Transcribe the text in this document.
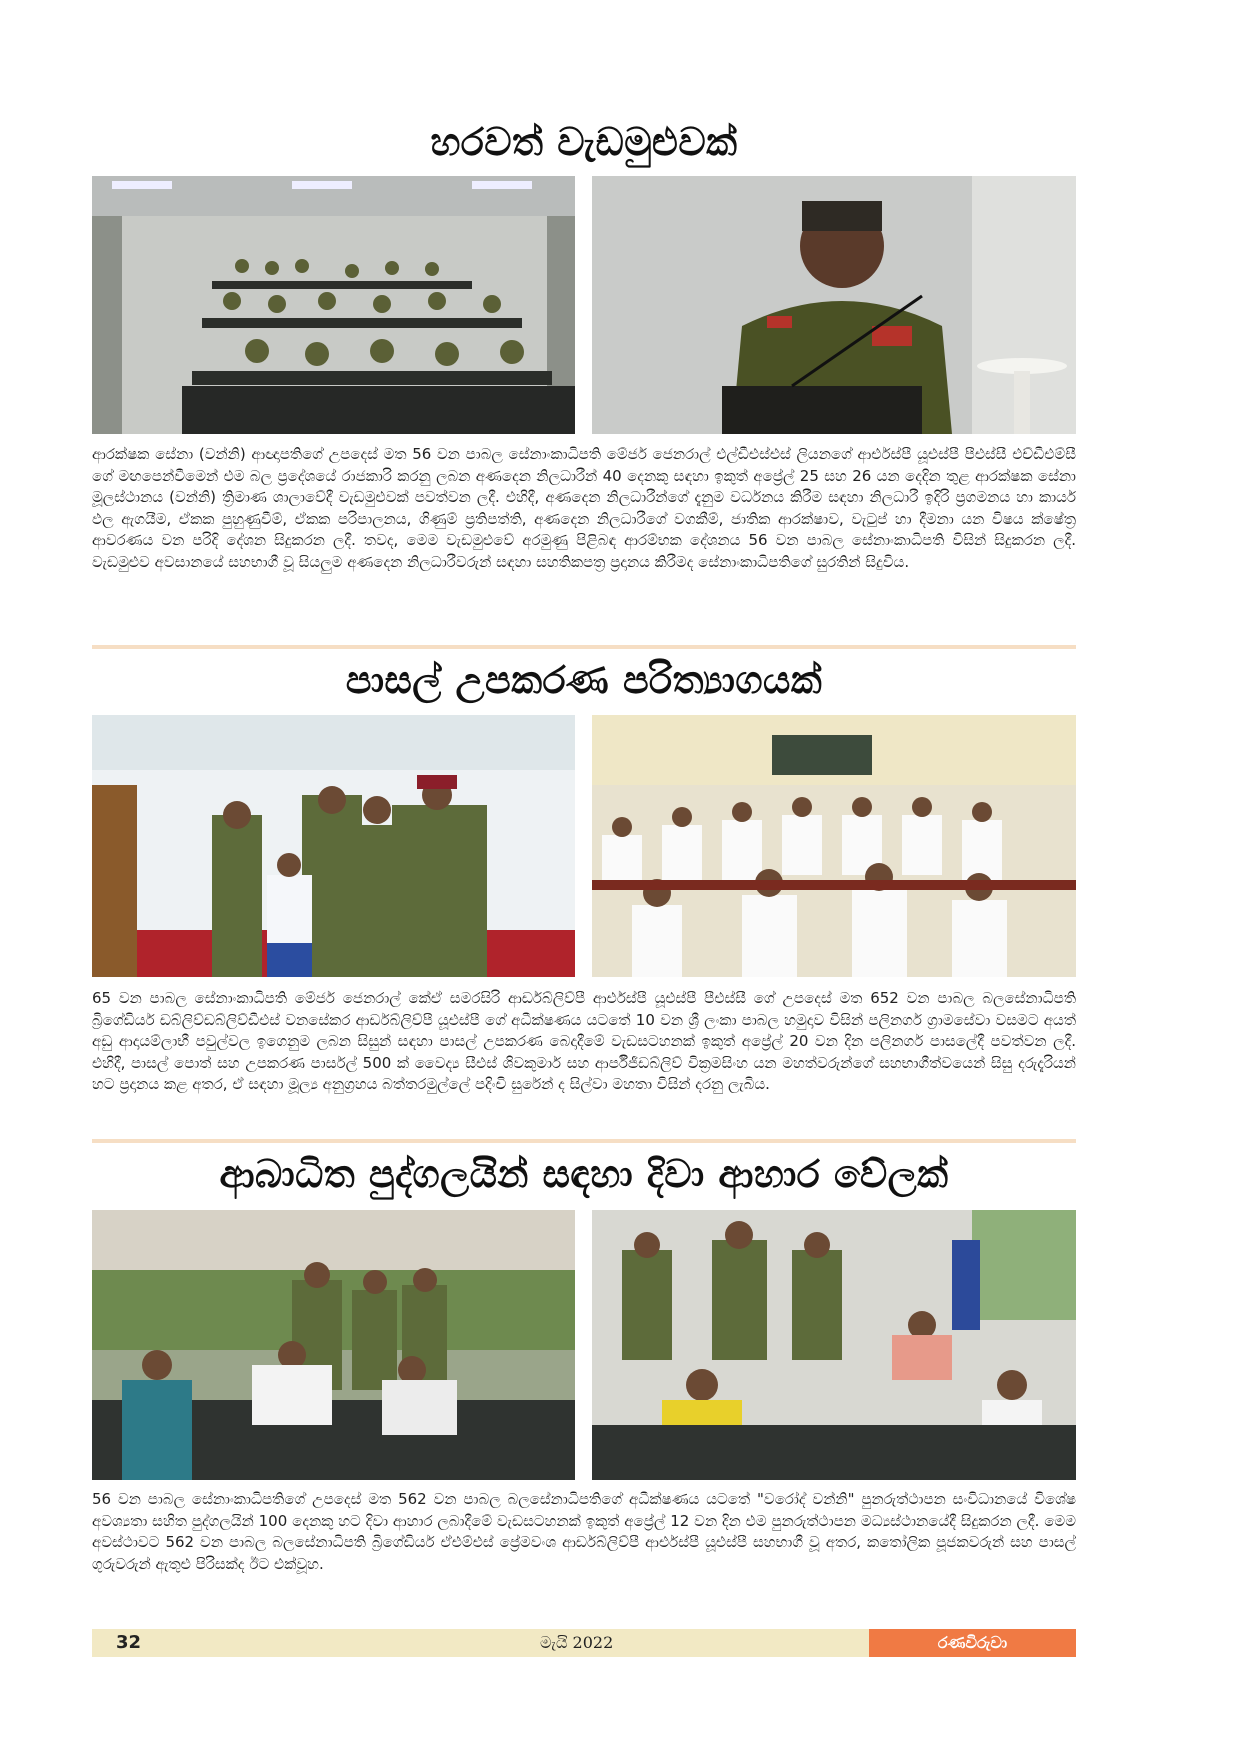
හරවත් වැඩමුළුවක්
ආරක්ෂක සේනා (වන්නි) ආඥාපතිගේ උපදෙස් මත 56 වන පාබල සේනාංකාධිපති මේජර් ජෙනරාල් එල්ඩීඑස්එස් ලියනගේ ආර්එස්පී යූඑස්පී පීඑස්සී එච්ඩීඑම්සී ගේ මඟපෙන්වීමෙන් එම බල ප්‍රදේශයේ රාජකාරි කරනු ලබන අණදෙන නිලධාරීන් 40 දෙනකු සඳහා ඉකුත් අප්‍රේල් 25 සහ 26 යන දෙදින තුළ ආරක්ෂක සේනා මූලස්ථානය (වන්නි) ත්‍රිමාණ ශාලාවේදී වැඩමුළුවක් පවත්වන ලදී. එහිදී, අණදෙන නිලධාරීන්ගේ දැනුම වර්ධනය කිරීම සඳහා නිලධාරී ඉදිරි ප්‍රගමනය හා කාර්ය ඵල ඇගයීම, ඒකක පුහුණුවීම්, ඒකක පරිපාලනය, ගිණුම් ප්‍රතිපත්ති, අණදෙන නිලධාරීගේ වගකීම්, ජාතික ආරක්ෂාව, වැටුප් හා දීමනා යන විෂය ක්ෂේත්‍ර ආවරණය වන පරිදි දේශන සිදුකරන ලදී. තවද, මෙම වැඩමුළුවේ අරමුණු පිළිබඳ ආරම්භක දේශනය 56 වන පාබල සේනාංකාධිපති විසින් සිදුකරන ලදී. වැඩමුළුව අවසානයේ සහභාගී වූ සියලුම අණදෙන නිලධාරීවරුන් සඳහා සහතිකපත්‍ර ප්‍රදානය කිරීමද සේනාංකාධිපතිගේ සුරතින් සිදුවිය.
පාසල් උපකරණ පරිත්‍යාගයක්
65 වන පාබල සේනාංකාධිපති මේජර් ජෙනරාල් කේඒ සමරසිරි ආර්ඩබ්ලිව්පී ආර්එස්පී යූඑස්පී පීඑස්සී ගේ උපදෙස් මත 652 වන පාබල බලසේනාධිපති බ්‍රිගේඩියර් ඩබ්ලිව්ඩබ්ලිව්ඩීඑස් වනසේකර ආර්ඩබ්ලිව්පී යූඑස්පී ගේ අධීක්ෂණය යටතේ 10 වන ශ්‍රී ලංකා පාබල හමුදාව විසින් පලිනගර් ග්‍රාමසේවා වසමට අයත් අඩු ආදායම්ලාභී පවුල්වල ඉගෙනුම ලබන සිසුන් සඳහා පාසල් උපකරණ බෙදාදීමේ වැඩසටහනක් ඉකුත් අප්‍රේල් 20 වන දින පලිනගර් පාසලේදී පවත්වන ලදී. එහිදී, පාසල් පොත් සහ උපකරණ පාර්සල් 500 ක් වෛද්‍ය සීඑස් ශිවකුමාර් සහ ආර්පීජීඩබ්ලිව් වික්‍රමසිංහ යන මහත්වරුන්ගේ සහභාගීත්වයෙන් සිසු දරුදැරියන් හට ප්‍රදානය කළ අතර, ඒ සඳහා මූල්‍ය අනුග්‍රහය බත්තරමුල්ලේ පදිංචි සුරේන් ද සිල්වා මහතා විසින් දරනු ලැබිය.
ආබාධිත පුද්ගලයින් සඳහා දිවා ආහාර වේලක්
56 වන පාබල සේනාංකාධිපතිගේ උපදෙස් මත 562 වන පාබල බලසේනාධිපතිගේ අධීක්ෂණය යටතේ "වරෝද් වන්නි" පුනරුත්ථාපන සංවිධානයේ විශේෂ අවශ්‍යතා සහිත පුද්ගලයින් 100 දෙනකු හට දිවා ආහාර ලබාදීමේ වැඩසටහනක් ඉකුත් අප්‍රේල් 12 වන දින එම පුනරුත්ථාපන මධ්‍යස්ථානයේදී සිදුකරන ලදී. මෙම අවස්ථාවට 562 වන පාබල බලසේනාධිපති බ්‍රිගේඩියර් ඒඑම්එස් ප්‍රේමවංශ ආර්ඩබ්ලිව්පී ආර්එස්පී යූඑස්පී සහභාගී වූ අතර, කතෝලික පූජකවරුන් සහ පාසල් ගුරුවරුන් ඇතුළු පිරිසක්ද ඊට එක්වූහ.
32	මැයි 2022	රණවිරුවා
